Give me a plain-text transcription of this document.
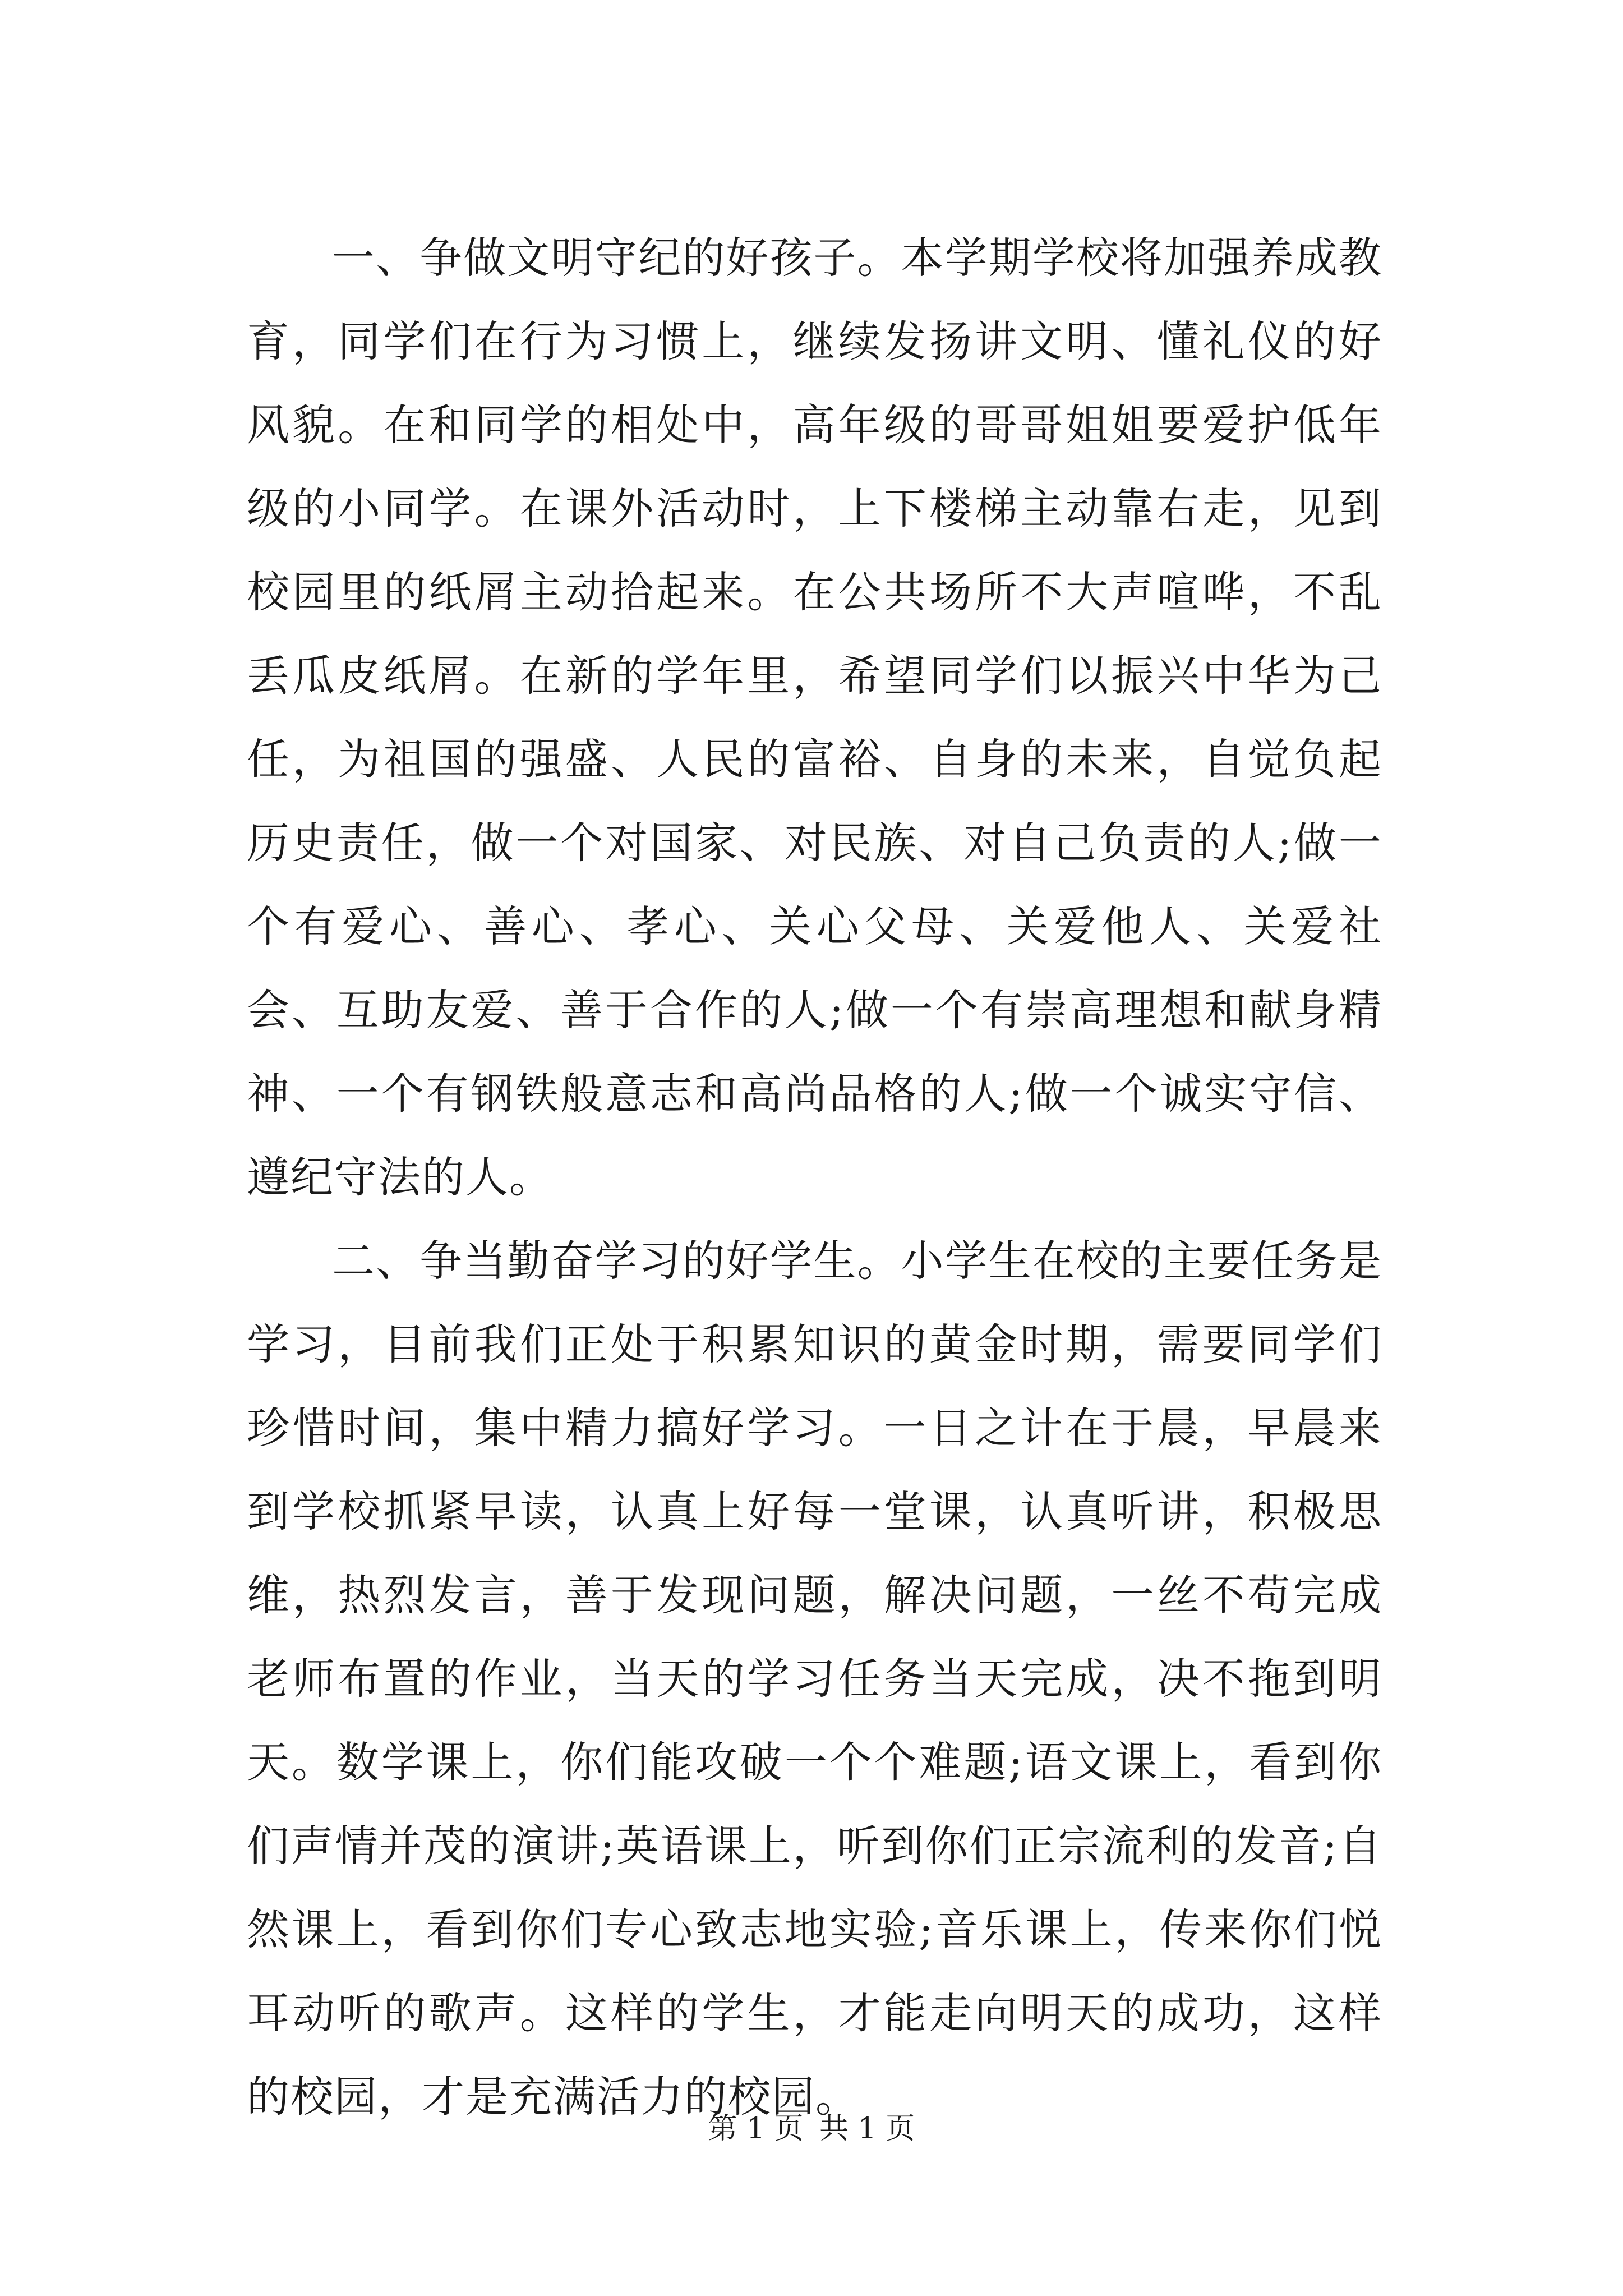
一、争做文明守纪的好孩子。本学期学校将加强养成教育，同学们在行为习惯上，继续发扬讲文明、懂礼仪的好风貌。在和同学的相处中，高年级的哥哥姐姐要爱护低年级的小同学。在课外活动时，上下楼梯主动靠右走，见到校园里的纸屑主动拾起来。在公共场所不大声喧哗，不乱丢瓜皮纸屑。在新的学年里，希望同学们以振兴中华为己任，为祖国的强盛、人民的富裕、自身的未来，自觉负起历史责任，做一个对国家、对民族、对自己负责的人;做一个有爱心、善心、孝心、关心父母、关爱他人、关爱社会、互助友爱、善于合作的人;做一个有崇高理想和献身精神、一个有钢铁般意志和高尚品格的人;做一个诚实守信、遵纪守法的人。

二、争当勤奋学习的好学生。小学生在校的主要任务是学习，目前我们正处于积累知识的黄金时期，需要同学们珍惜时间，集中精力搞好学习。一日之计在于晨，早晨来到学校抓紧早读，认真上好每一堂课，认真听讲，积极思维，热烈发言，善于发现问题，解决问题，一丝不苟完成老师布置的作业，当天的学习任务当天完成，决不拖到明天。数学课上，你们能攻破一个个难题;语文课上，看到你们声情并茂的演讲;英语课上，听到你们正宗流利的发音;自然课上，看到你们专心致志地实验;音乐课上，传来你们悦耳动听的歌声。这样的学生，才能走向明天的成功，这样的校园，才是充满活力的校园。

第 1 页 共 1 页
